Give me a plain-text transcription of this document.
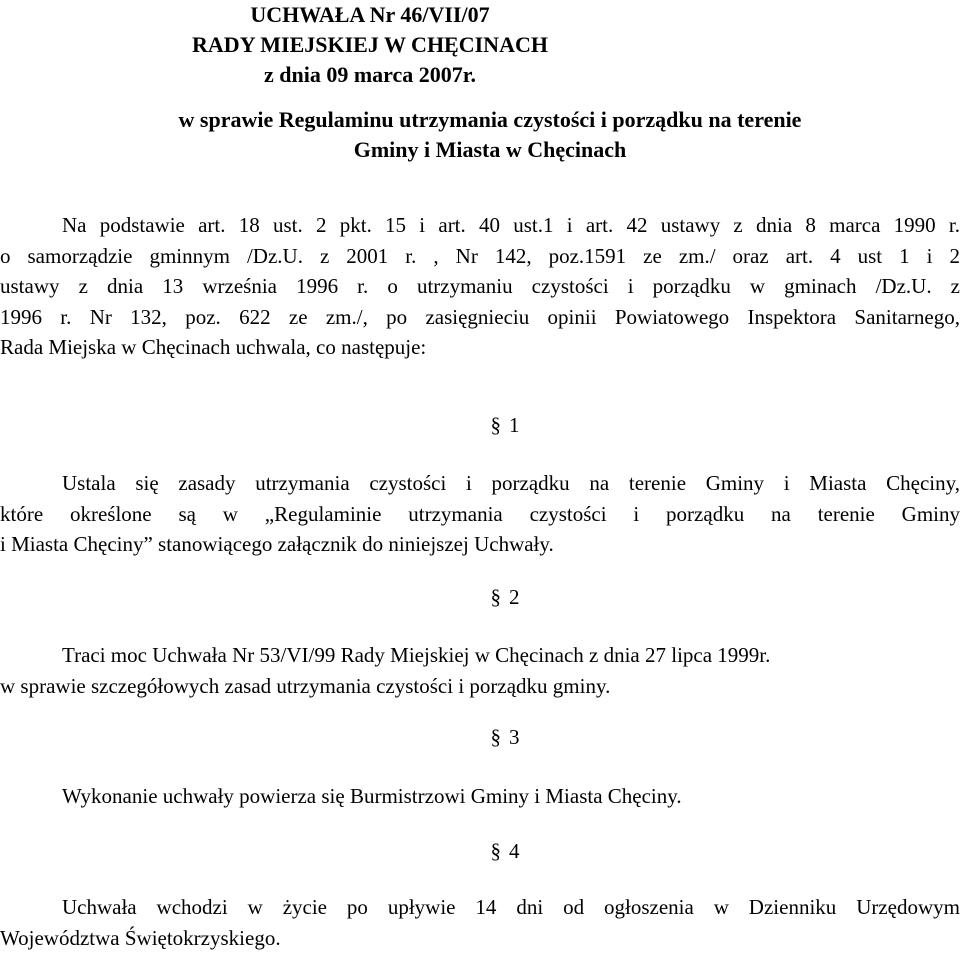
UCHWAŁA Nr 46/VII/07
RADY MIEJSKIEJ W CHĘCINACH
z dnia 09 marca 2007r.
w sprawie Regulaminu utrzymania czystości i porządku na terenie
Gminy i Miasta w Chęcinach
Na podstawie art. 18 ust. 2 pkt. 15 i art. 40 ust.1 i art. 42 ustawy z dnia 8 marca 1990 r.
o samorządzie gminnym /Dz.U. z 2001 r. , Nr 142, poz.1591 ze zm./ oraz art. 4 ust 1 i 2
ustawy z dnia 13 września 1996 r. o utrzymaniu czystości i porządku w gminach /Dz.U. z
1996 r. Nr 132, poz. 622 ze zm./, po zasięgnieciu opinii Powiatowego Inspektora Sanitarnego,
Rada Miejska w Chęcinach uchwala, co następuje:
§ 1
Ustala się zasady utrzymania czystości i porządku na terenie Gminy i Miasta Chęciny,
które określone są w „Regulaminie utrzymania czystości i porządku na terenie Gminy
i Miasta Chęciny” stanowiącego załącznik do niniejszej Uchwały.
§ 2
Traci moc Uchwała Nr 53/VI/99 Rady Miejskiej w Chęcinach z dnia 27 lipca 1999r.
w sprawie szczegółowych zasad utrzymania czystości i porządku gminy.
§ 3
Wykonanie uchwały powierza się Burmistrzowi Gminy i Miasta Chęciny.
§ 4
Uchwała wchodzi w życie po upływie 14 dni od ogłoszenia w Dzienniku Urzędowym
Województwa Świętokrzyskiego.
